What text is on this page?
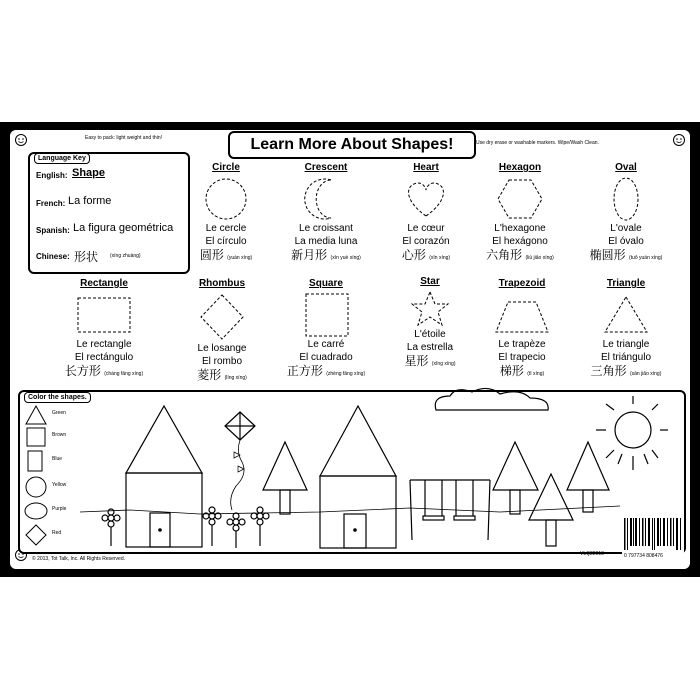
Easy to pack: light weight and thin!	Learn More About Shapes!	Use dry erase or washable markers. Wipe/Wash Clean.
Language Key
English: Shape
French: La forme
Spanish: La figura geométrica
Chinese: 形状 (xíng zhuàng)
Circle
Le cercle
El círculo
圆形 (yuán xíng)
Crescent
Le croissant
La media luna
新月形 (xīn yuè xíng)
Heart
Le cœur
El corazón
心形 (xīn xíng)
Hexagon
L'hexagone
El hexágono
六角形 (liù jiǎo xíng)
Oval
L'ovale
El óvalo
椭圆形 (tuǒ yuán xíng)
Rectangle
Le rectangle
El rectángulo
长方形 (cháng fāng xíng)
Rhombus
Le losange
El rombo
菱形 (líng xíng)
Square
Le carré
El cuadrado
正方形 (zhèng fāng xíng)
Star
L'étoile
La estrella
星形 (xīng xíng)
Trapezoid
Le trapèze
El trapecio
梯形 (tī xíng)
Triangle
Le triangle
El triángulo
三角形 (sān jiǎo xíng)
Color the shapes.
Green
Brown
Blue
Yellow
Purple
Red
0 797734 808476
© 2013, Tot Talk, Inc. All Rights Reserved.
VLQ22013
